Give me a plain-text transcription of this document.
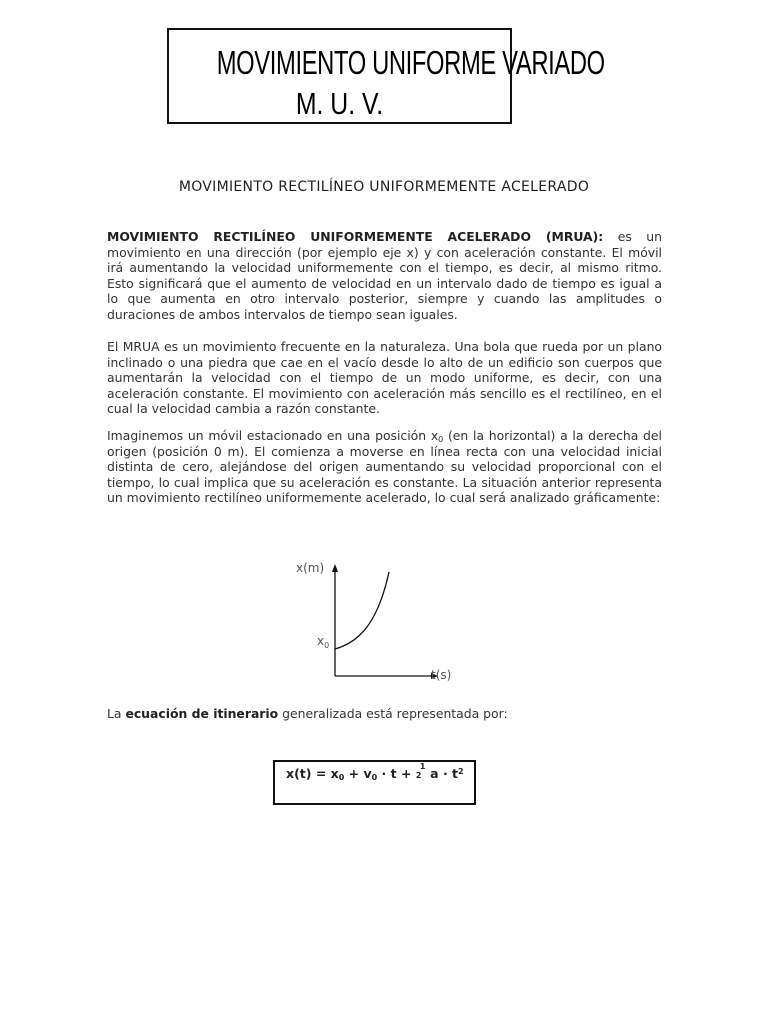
MOVIMIENTO UNIFORME VARIADO
M. U. V.
MOVIMIENTO RECTILÍNEO UNIFORMEMENTE ACELERADO

MOVIMIENTO RECTILÍNEO UNIFORMEMENTE ACELERADO (MRUA): es un movimiento en una dirección (por ejemplo eje x) y con aceleración constante. El móvil irá aumentando la velocidad uniformemente con el tiempo, es decir, al mismo ritmo. Esto significará que el aumento de velocidad en un intervalo dado de tiempo es igual a lo que aumenta en otro intervalo posterior, siempre y cuando las amplitudes o duraciones de ambos intervalos de tiempo sean iguales.

El MRUA es un movimiento frecuente en la naturaleza. Una bola que rueda por un plano inclinado o una piedra que cae en el vacío desde lo alto de un edificio son cuerpos que aumentarán la velocidad con el tiempo de un modo uniforme, es decir, con una aceleración constante. El movimiento con aceleración más sencillo es el rectilíneo, en el cual la velocidad cambia a razón constante.

Imaginemos un móvil estacionado en una posición $x_0$ (en la horizontal) a la derecha del origen (posición 0 m). El comienza a moverse en línea recta con una velocidad inicial distinta de cero, alejándose del origen aumentando su velocidad proporcional con el tiempo, lo cual implica que su aceleración es constante. La situación anterior representa un movimiento rectilíneo uniformemente acelerado, lo cual será analizado gráficamente:

x(m)
t(s)
$x_0$

La ecuación de itinerario generalizada está representada por:

$x(t) = x_0 + v_0 \cdot t + 1$
2 $a \cdot t^2$
